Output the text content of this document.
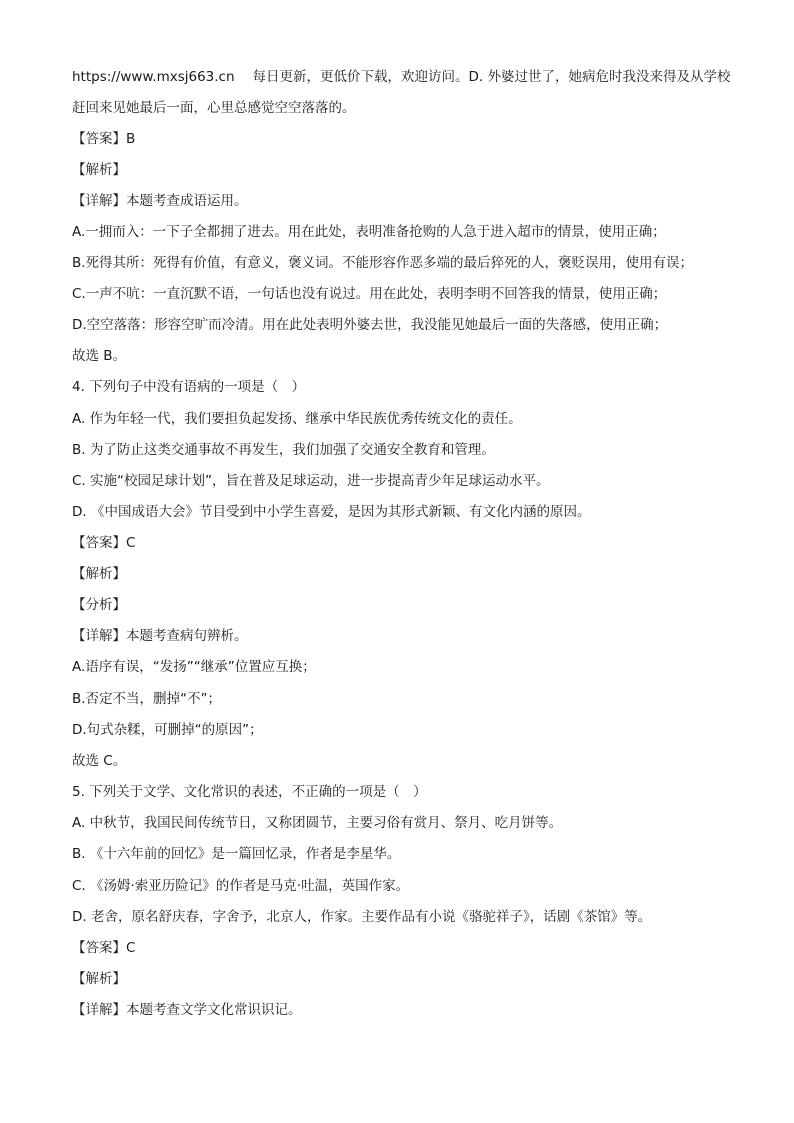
https://www.mxsj663.cn 每日更新，更低价下载，欢迎访问。D. 外婆过世了，她病危时我没来得及从学校
赶回来见她最后一面，心里总感觉空空落落的。
【答案】B
【解析】
【详解】本题考查成语运用。
A.一拥而入：一下子全都拥了进去。用在此处，表明准备抢购的人急于进入超市的情景，使用正确；
B.死得其所：死得有价值，有意义，褒义词。不能形容作恶多端的最后猝死的人，褒贬误用，使用有误；
C.一声不吭：一直沉默不语，一句话也没有说过。用在此处，表明李明不回答我的情景，使用正确；
D.空空落落：形容空旷而冷清。用在此处表明外婆去世，我没能见她最后一面的失落感，使用正确；
故选 B。
4. 下列句子中没有语病的一项是（　）
A. 作为年轻一代，我们要担负起发扬、继承中华民族优秀传统文化的责任。
B. 为了防止这类交通事故不再发生，我们加强了交通安全教育和管理。
C. 实施“校园足球计划”，旨在普及足球运动，进一步提高青少年足球运动水平。
D. 《中国成语大会》节目受到中小学生喜爱，是因为其形式新颖、有文化内涵的原因。
【答案】C
【解析】
【分析】
【详解】本题考查病句辨析。
A.语序有误，“发扬”“继承”位置应互换；
B.否定不当，删掉“不”；
D.句式杂糅，可删掉“的原因”；
故选 C。
5. 下列关于文学、文化常识的表述，不正确的一项是（　）
A. 中秋节，我国民间传统节日，又称团圆节，主要习俗有赏月、祭月、吃月饼等。
B. 《十六年前的回忆》是一篇回忆录，作者是李星华。
C. 《汤姆·索亚历险记》的作者是马克·吐温，英国作家。
D. 老舍，原名舒庆春，字舍予，北京人，作家。主要作品有小说《骆驼祥子》，话剧《茶馆》等。
【答案】C
【解析】
【详解】本题考查文学文化常识识记。
